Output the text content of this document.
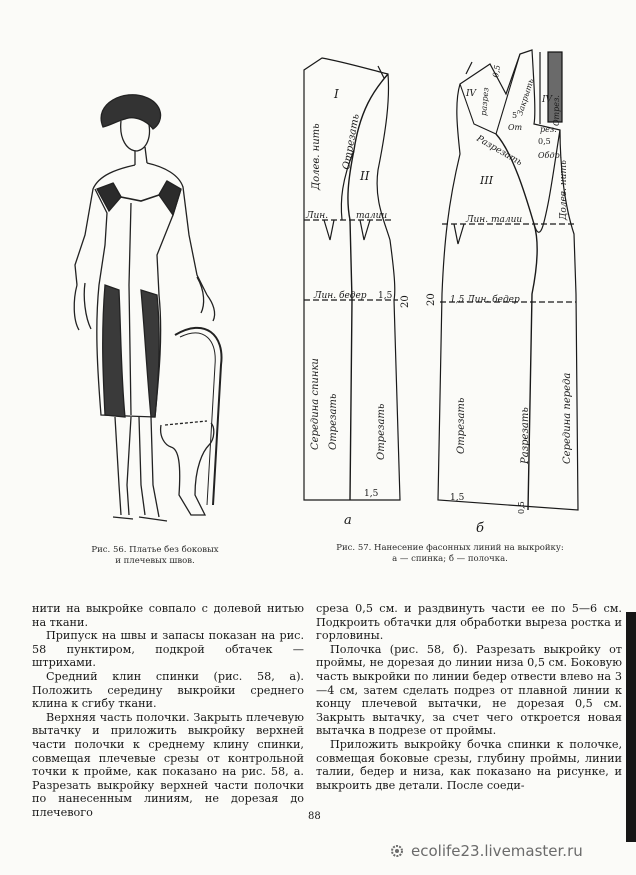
Рис. 56. Платье без боковых
и плечевых швов.
I
II
Долев. нить Отрезать
Лин.	талии
Лин. бедер 1,5 20
Середина спинки Отрезать	Отрезать
1,5
а
IV
IV
III
разрез
0,5
Закрыть Отрез.
5
От рез.
0,5
Разрезать Обдр.
Долев. нить
Лин. талии
20 1,5 Лин. бедер
Отрезать	Разрезать	Середина переда
1,5
0,5
б
Рис. 57. Нанесение фасонных линий на выкройку:
а — спинка; б — полочка.

нити на выкройке совпало с долевой нитью на ткани.

Припуск на швы и запасы показан на рис. 58 пунктиром, подкрой обтачек — штрихами.

Средний клин спинки (рис. 58, а). Положить середину выкройки среднего клина к сгибу ткани.

Верхняя часть полочки. Закрыть плечевую вытачку и приложить выкройку верхней части полочки к среднему клину спинки, совмещая плечевые срезы от контрольной точки к пройме, как показано на рис. 58, а. Разрезать выкройку верхней части полочки по нанесенным линиям, не дорезая до плечевого

среза 0,5 см. и раздвинуть части ее по 5—6 см. Подкроить обтачки для обработки выреза ростка и горловины.

Полочка (рис. 58, б). Разрезать выкройку от проймы, не дорезая до линии низа 0,5 см. Боковую часть выкройки по линии бедер отвести влево на 3—4 см, затем сделать подрез от плавной линии к концу плечевой вытачки, не дорезая 0,5 см. Закрыть вытачку, за счет чего откроется новая вытачка в подрезе от проймы.

Приложить выкройку бочка спинки к полочке, совмещая боковые срезы, глубину проймы, линии талии, бедер и низа, как показано на рисунке, и выкроить две детали. После соеди-

88
ecolife23.livemaster.ru
